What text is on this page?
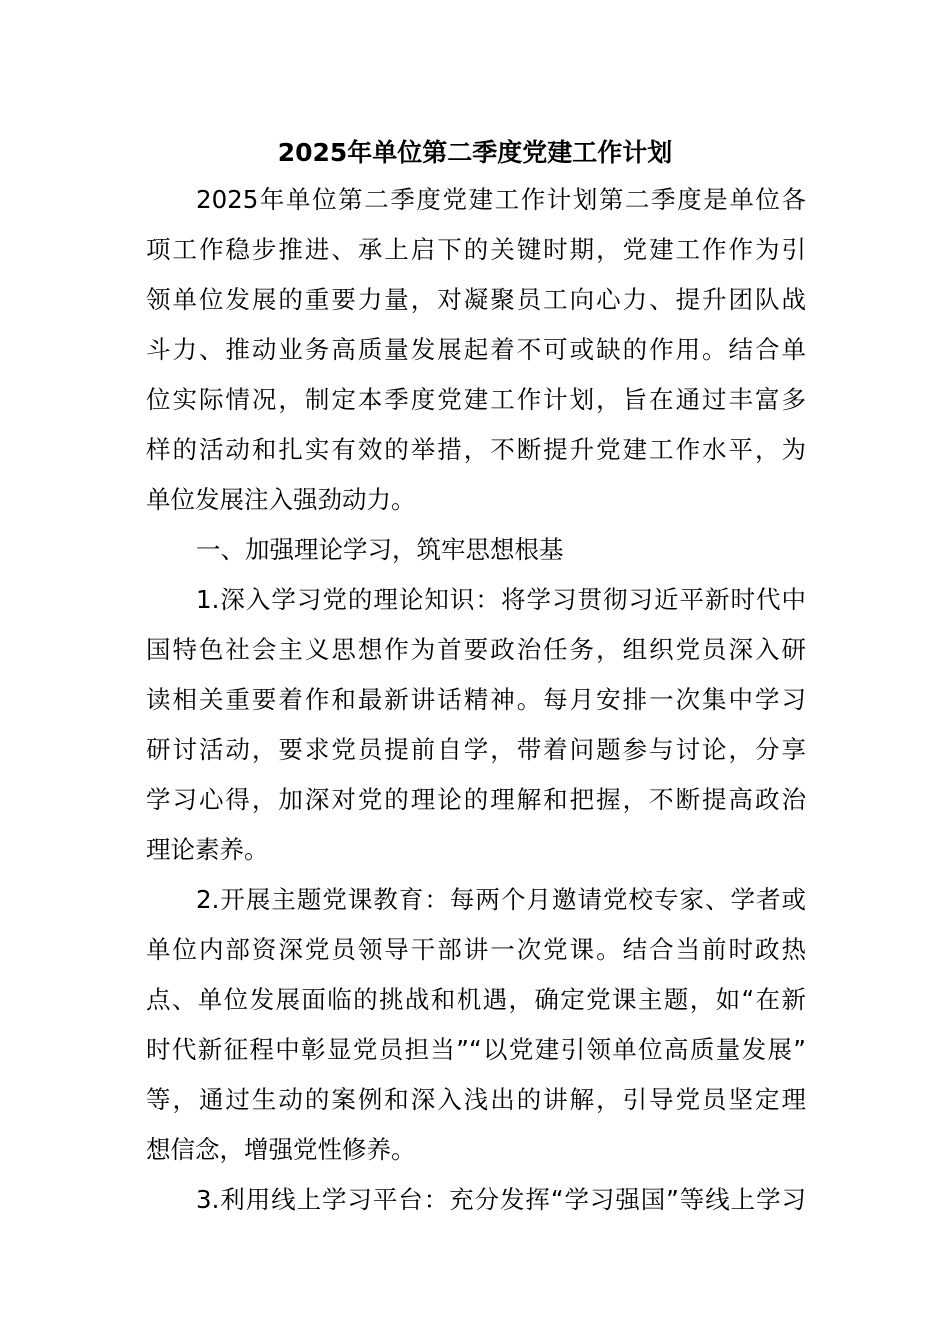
2025年单位第二季度党建工作计划
2025年单位第二季度党建工作计划第二季度是单位各
项工作稳步推进、承上启下的关键时期，党建工作作为引
领单位发展的重要力量，对凝聚员工向心力、提升团队战
斗力、推动业务高质量发展起着不可或缺的作用。结合单
位实际情况，制定本季度党建工作计划，旨在通过丰富多
样的活动和扎实有效的举措，不断提升党建工作水平，为
单位发展注入强劲动力。
一、加强理论学习，筑牢思想根基
1.深入学习党的理论知识：将学习贯彻习近平新时代中
国特色社会主义思想作为首要政治任务，组织党员深入研
读相关重要着作和最新讲话精神。每月安排一次集中学习
研讨活动，要求党员提前自学，带着问题参与讨论，分享
学习心得，加深对党的理论的理解和把握，不断提高政治
理论素养。
2.开展主题党课教育：每两个月邀请党校专家、学者或
单位内部资深党员领导干部讲一次党课。结合当前时政热
点、单位发展面临的挑战和机遇，确定党课主题，如“在新
时代新征程中彰显党员担当”“以党建引领单位高质量发展”
等，通过生动的案例和深入浅出的讲解，引导党员坚定理
想信念，增强党性修养。
3.利用线上学习平台：充分发挥“学习强国”等线上学习
